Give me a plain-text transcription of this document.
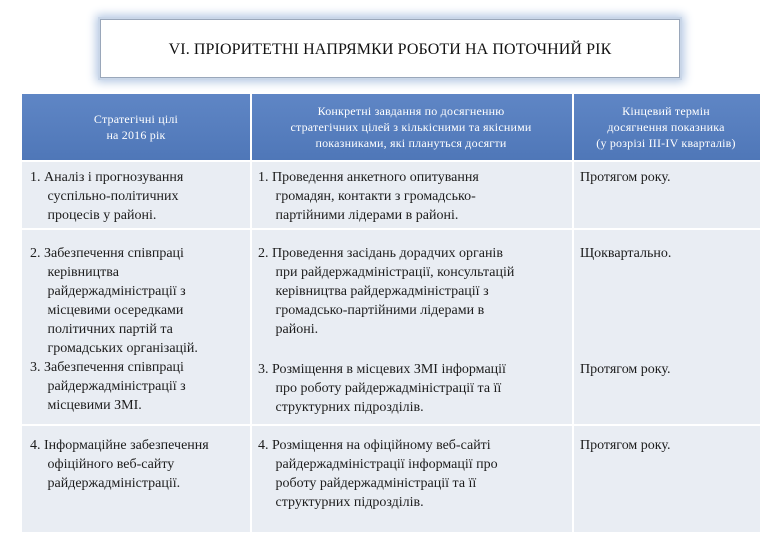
VI. ПРІОРИТЕТНІ НАПРЯМКИ РОБОТИ НА ПОТОЧНИЙ РІК
Стратегічні цілі
на 2016 рік
Конкретні завдання по досягненню
стратегічних цілей з кількісними та якісними
показниками, які плануться досягти
Кінцевий термін
досягнення показника
(у розрізі ІІІ-ІV кварталів)
1. Аналіз і прогнозування
суспільно-політичних
процесів у районі.
1. Проведення анкетного опитування
громадян, контакти з громадсько-
партійними лідерами в районі.
Протягом року.
2. Забезпечення співпраці
керівництва
райдержадміністрації з
місцевими осередками
політичних партій та
громадських організацій.
3. Забезпечення співпраці
райдержадміністрації з
місцевими ЗМІ.
2. Проведення засідань дорадчих органів
при райдержадміністрації, консультацій
керівництва райдержадміністрації з
громадсько-партійними лідерами в
районі.
Щоквартально.
3. Розміщення в місцевих ЗМІ інформації
про роботу райдержадміністрації та її
структурних підрозділів.
Протягом року.
4. Інформаційне забезпечення
офіційного веб-сайту
райдержадміністрації.
4. Розміщення на офіційному веб-сайті
райдержадміністрації інформації про
роботу райдержадміністрації та її
структурних підрозділів.
Протягом року.
